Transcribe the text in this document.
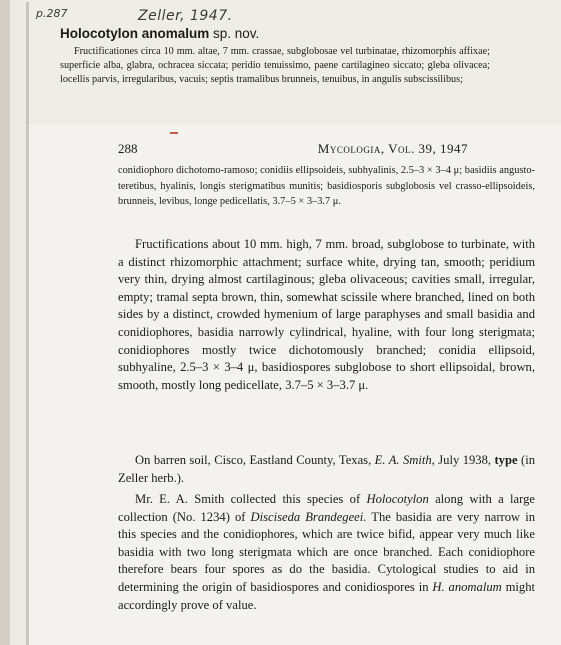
p.287	Zeller, 1947.
Holocotylon anomalum sp. nov.
Fructificationes circa 10 mm. altae, 7 mm. crassae, subglobosae vel turbinatae, rhizomorphis affixae; superficie alba, glabra, ochracea siccata; peridio tenuissimo, paene cartilagineo siccato; gleba olivacea; locellis parvis, irregularibus, vacuis; septis tramalibus brunneis, tenuibus, in angulis subscissilibus;
288	Mycologia, Vol. 39, 1947
conidiophoro dichotomo-ramoso; conidiis ellipsoideis, subhyalinis, 2.5–3 × 3–4 μ; basidiis angusto-teretibus, hyalinis, longis sterigmatibus munitis; basidiosporis subglobosis vel crasso-ellipsoideis, brunneis, levibus, longe pedicellatis, 3.7–5 × 3–3.7 μ.
Fructifications about 10 mm. high, 7 mm. broad, subglobose to turbinate, with a distinct rhizomorphic attachment; surface white, drying tan, smooth; peridium very thin, drying almost cartilaginous; gleba olivaceous; cavities small, irregular, empty; tramal septa brown, thin, somewhat scissile where branched, lined on both sides by a distinct, crowded hymenium of large paraphyses and small basidia and conidiophores, basidia narrowly cylindrical, hyaline, with four long sterigmata; conidiophores mostly twice dichotomously branched; conidia ellipsoid, subhyaline, 2.5–3 × 3–4 μ, basidiospores subglobose to short ellipsoidal, brown, smooth, mostly long pedicellate, 3.7–5 × 3–3.7 μ.
On barren soil, Cisco, Eastland County, Texas, E. A. Smith, July 1938, type (in Zeller herb.).
Mr. E. A. Smith collected this species of Holocotylon along with a large collection (No. 1234) of Disciseda Brandegeei. The basidia are very narrow in this species and the conidiophores, which are twice bifid, appear very much like basidia with two long sterigmata which are once branched. Each conidiophore therefore bears four spores as do the basidia. Cytological studies to aid in determining the origin of basidiospores and conidiospores in H. anomalum might accordingly prove of value.
